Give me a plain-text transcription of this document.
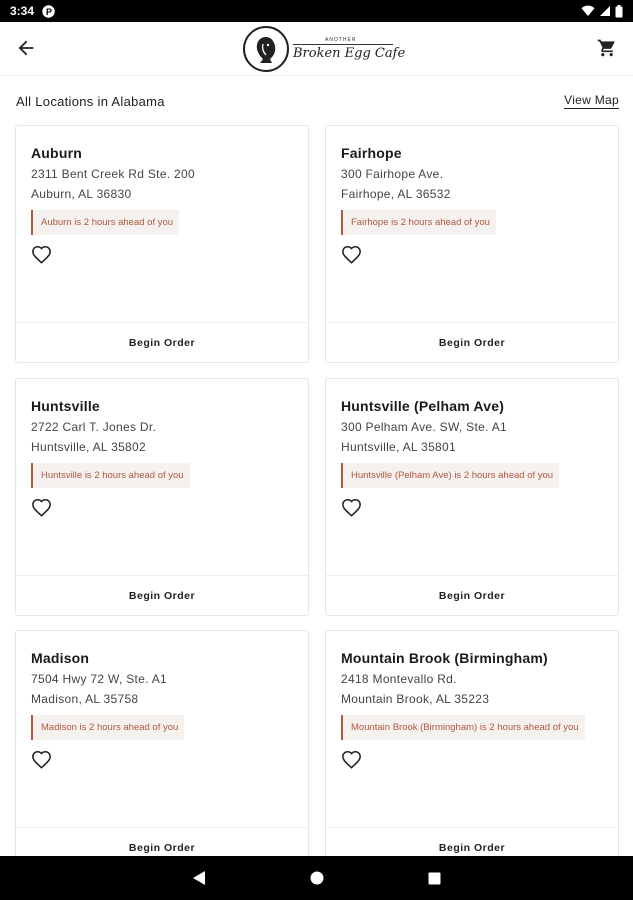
3:34 P
ANOTHER
Broken Egg Cafe
All Locations in Alabama	View Map
Auburn
2311 Bent Creek Rd Ste. 200
Auburn, AL 36830
Auburn is 2 hours ahead of you
Begin Order
Fairhope
300 Fairhope Ave.
Fairhope, AL 36532
Fairhope is 2 hours ahead of you
Begin Order
Huntsville
2722 Carl T. Jones Dr.
Huntsville, AL 35802
Huntsville is 2 hours ahead of you
Begin Order
Huntsville (Pelham Ave)
300 Pelham Ave. SW, Ste. A1
Huntsville, AL 35801
Huntsville (Pelham Ave) is 2 hours ahead of you
Begin Order
Madison
7504 Hwy 72 W, Ste. A1
Madison, AL 35758
Madison is 2 hours ahead of you
Begin Order
Mountain Brook (Birmingham)
2418 Montevallo Rd.
Mountain Brook, AL 35223
Mountain Brook (Birmingham) is 2 hours ahead of you
Begin Order
